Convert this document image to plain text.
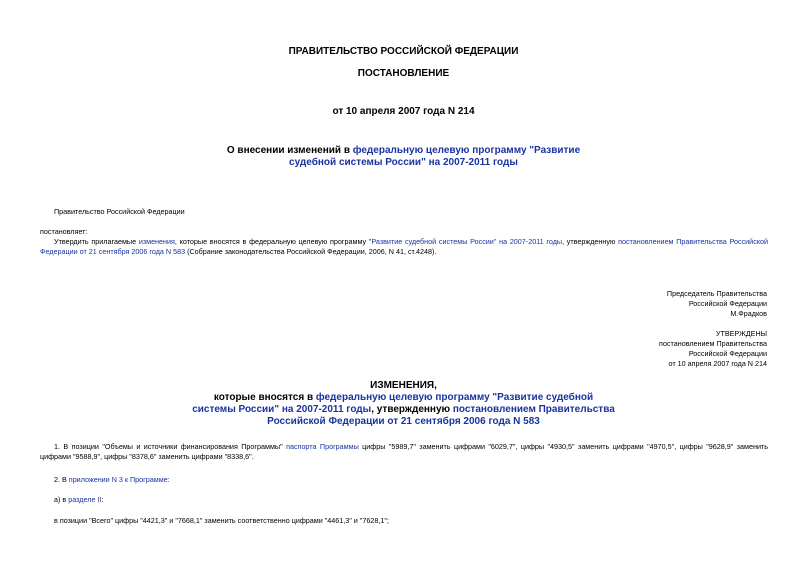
ПРАВИТЕЛЬСТВО РОССИЙСКОЙ ФЕДЕРАЦИИ
ПОСТАНОВЛЕНИЕ
от 10 апреля 2007 года N 214
О внесении изменений в федеральную целевую программу "Развитие
судебной системы России" на 2007-2011 годы
Правительство Российской Федерации
постановляет:
Утвердить прилагаемые изменения, которые вносятся в федеральную целевую программу "Развитие судебной системы России" на 2007-2011 годы, утвержденную постановлением Правительства Российской Федерации от 21 сентября 2006 года N 583 (Собрание законодательства Российской Федерации, 2006, N 41, ст.4248).
Председатель Правительства
Российской Федерации
М.Фрадков
УТВЕРЖДЕНЫ
постановлением Правительства
Российской Федерации
от 10 апреля 2007 года N 214
ИЗМЕНЕНИЯ,
которые вносятся в федеральную целевую программу "Развитие судебной
системы России" на 2007-2011 годы, утвержденную постановлением Правительства
Российской Федерации от 21 сентября 2006 года N 583
1. В позиции "Объемы и источники финансирования Программы" паспорта Программы цифры "5989,7" заменить цифрами "6029,7", цифры "4930,5" заменить цифрами "4970,5", цифры "9628,9" заменить цифрами "9588,9", цифры "8378,6" заменить цифрами "8338,6".
2. В приложении N 3 к Программе:
а) в разделе II:
в позиции "Всего" цифры "4421,3" и "7668,1" заменить соответственно цифрами "4461,3" и "7628,1";
